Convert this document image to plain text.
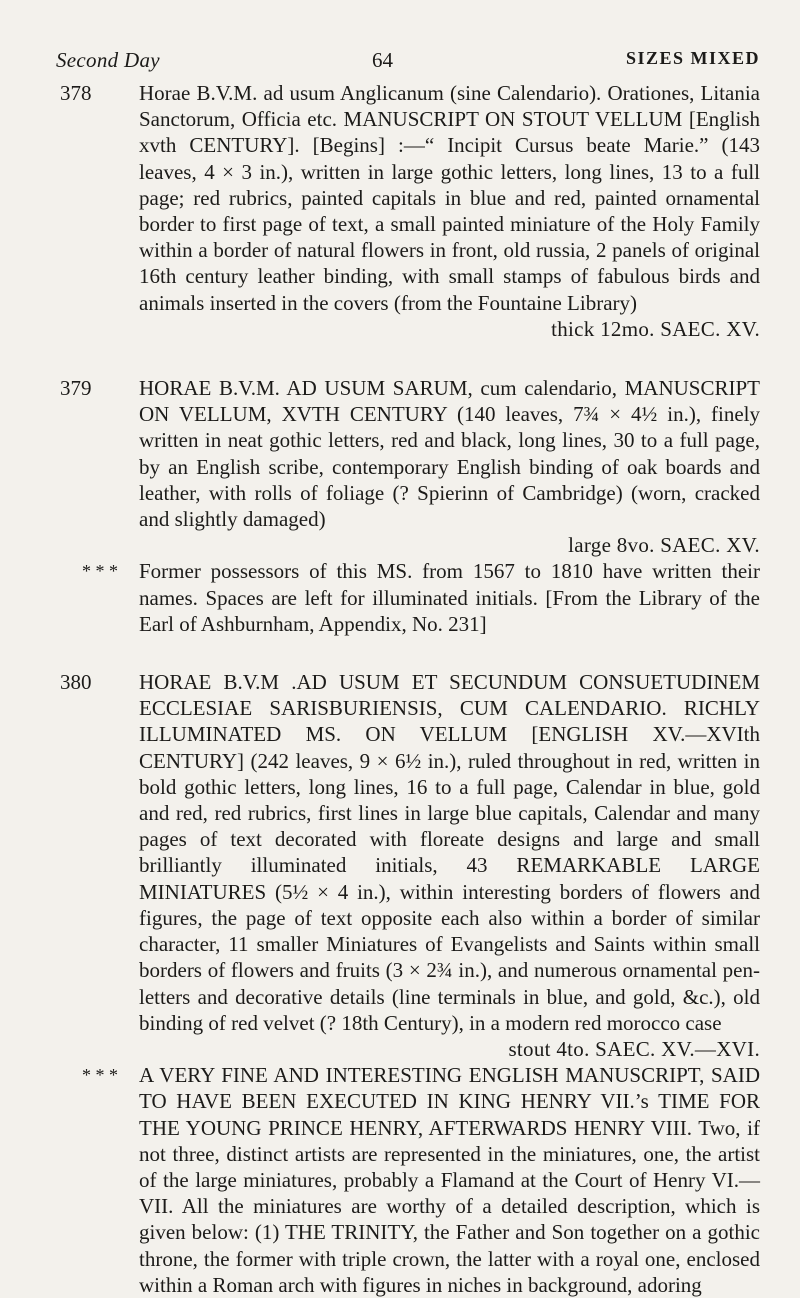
Second Day	64	SIZES MIXED
378 Horae B.V.M. ad usum Anglicanum (sine Calendario). Orationes, Litania Sanctorum, Officia etc. MANUSCRIPT ON STOUT VELLUM [English xvth CENTURY]. [Begins] :—“ Incipit Cursus beate Marie.” (143 leaves, 4 × 3 in.), written in large gothic letters, long lines, 13 to a full page; red rubrics, painted capitals in blue and red, painted ornamental border to first page of text, a small painted miniature of the Holy Family within a border of natural flowers in front, old russia, 2 panels of original 16th century leather binding, with small stamps of fabulous birds and animals inserted in the covers (from the Fountaine Library)

thick 12mo. SAEC. XV.
379 HORAE B.V.M. AD USUM SARUM, cum calendario, MANUSCRIPT ON VELLUM, XVTH CENTURY (140 leaves, 7¾ × 4½ in.), finely written in neat gothic letters, red and black, long lines, 30 to a full page, by an English scribe, contemporary English binding of oak boards and leather, with rolls of foliage (? Spierinn of Cambridge) (worn, cracked and slightly damaged)

large 8vo. SAEC. XV.
* * * Former possessors of this MS. from 1567 to 1810 have written their names. Spaces are left for illuminated initials. [From the Library of the Earl of Ashburnham, Appendix, No. 231]
380 HORAE B.V.M .AD USUM ET SECUNDUM CONSUETUDINEM ECCLESIAE SARISBURIENSIS, CUM CALENDARIO. RICHLY ILLUMINATED MS. ON VELLUM [ENGLISH XV.—XVIth CENTURY] (242 leaves, 9 × 6½ in.), ruled throughout in red, written in bold gothic letters, long lines, 16 to a full page, Calendar in blue, gold and red, red rubrics, first lines in large blue capitals, Calendar and many pages of text decorated with floreate designs and large and small brilliantly illuminated initials, 43 REMARKABLE LARGE MINIATURES (5½ × 4 in.), within interesting borders of flowers and figures, the page of text opposite each also within a border of similar character, 11 smaller Miniatures of Evangelists and Saints within small borders of flowers and fruits (3 × 2¾ in.), and numerous ornamental pen-letters and decorative details (line terminals in blue, and gold, &c.), old binding of red velvet (? 18th Century), in a modern red morocco case

stout 4to. SAEC. XV.—XVI.
* * * A VERY FINE AND INTERESTING ENGLISH MANUSCRIPT, SAID TO HAVE BEEN EXECUTED IN KING HENRY VII.’s TIME FOR THE YOUNG PRINCE HENRY, AFTERWARDS HENRY VIII. Two, if not three, distinct artists are represented in the miniatures, one, the artist of the large miniatures, probably a Flamand at the Court of Henry VI.—VII. All the miniatures are worthy of a detailed description, which is given below: (1) THE TRINITY, the Father and Son together on a gothic throne, the former with triple crown, the latter with a royal one, enclosed within a Roman arch with figures in niches in background, adoring
